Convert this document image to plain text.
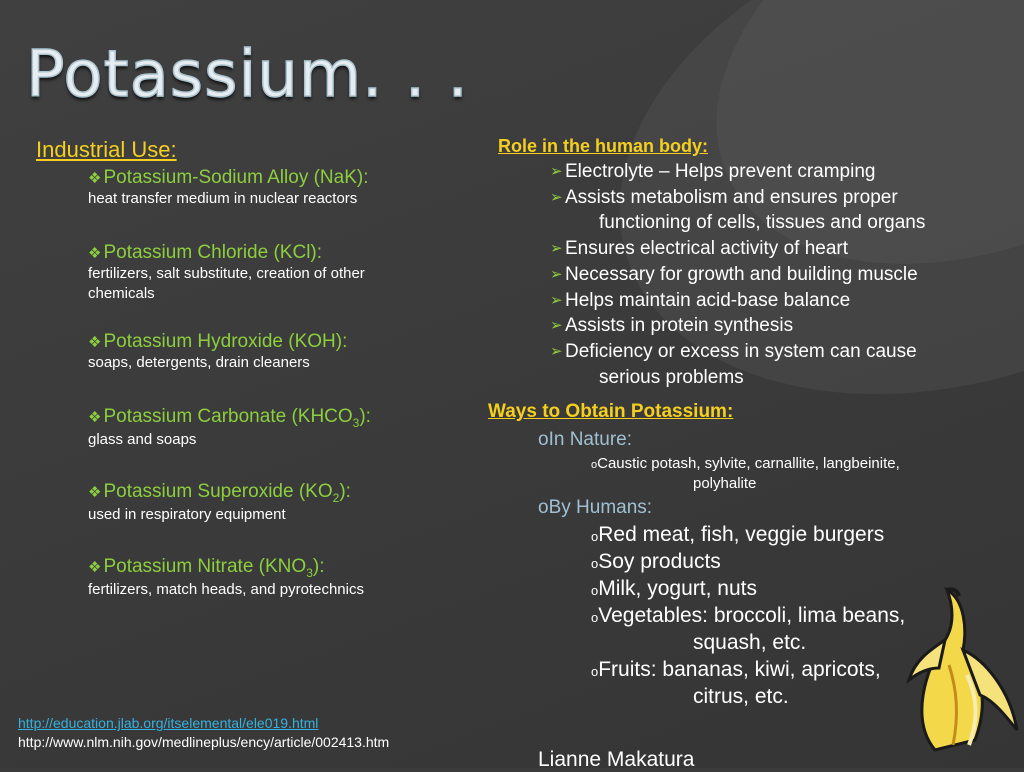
Potassium. . .
Industrial Use:
❖ Potassium-Sodium Alloy (NaK):
heat transfer medium in nuclear reactors
❖ Potassium Chloride (KCl):
fertilizers, salt substitute, creation of other chemicals
❖ Potassium Hydroxide (KOH):
soaps, detergents, drain cleaners
❖ Potassium Carbonate $(KHCO_3)$:
glass and soaps
❖ Potassium Superoxide $(KO_2)$:
used in respiratory equipment
❖ Potassium Nitrate $(KNO_3)$:
fertilizers, match heads, and pyrotechnics
Role in the human body:
➢ Electrolyte – Helps prevent cramping
➢ Assists metabolism and ensures proper
functioning of cells, tissues and organs
➢ Ensures electrical activity of heart
➢ Necessary for growth and building muscle
➢ Helps maintain acid-base balance
➢ Assists in protein synthesis
➢ Deficiency or excess in system can cause
serious problems
Ways to Obtain Potassium:
oIn Nature:
oCaustic potash, sylvite, carnallite, langbeinite,
polyhalite
oBy Humans:
oRed meat, fish, veggie burgers
oSoy products
oMilk, yogurt, nuts
oVegetables: broccoli, lima beans,
squash, etc.
oFruits: bananas, kiwi, apricots,
citrus, etc.
http://education.jlab.org/itselemental/ele019.html
http://www.nlm.nih.gov/medlineplus/ency/article/002413.htm
Lianne Makatura
